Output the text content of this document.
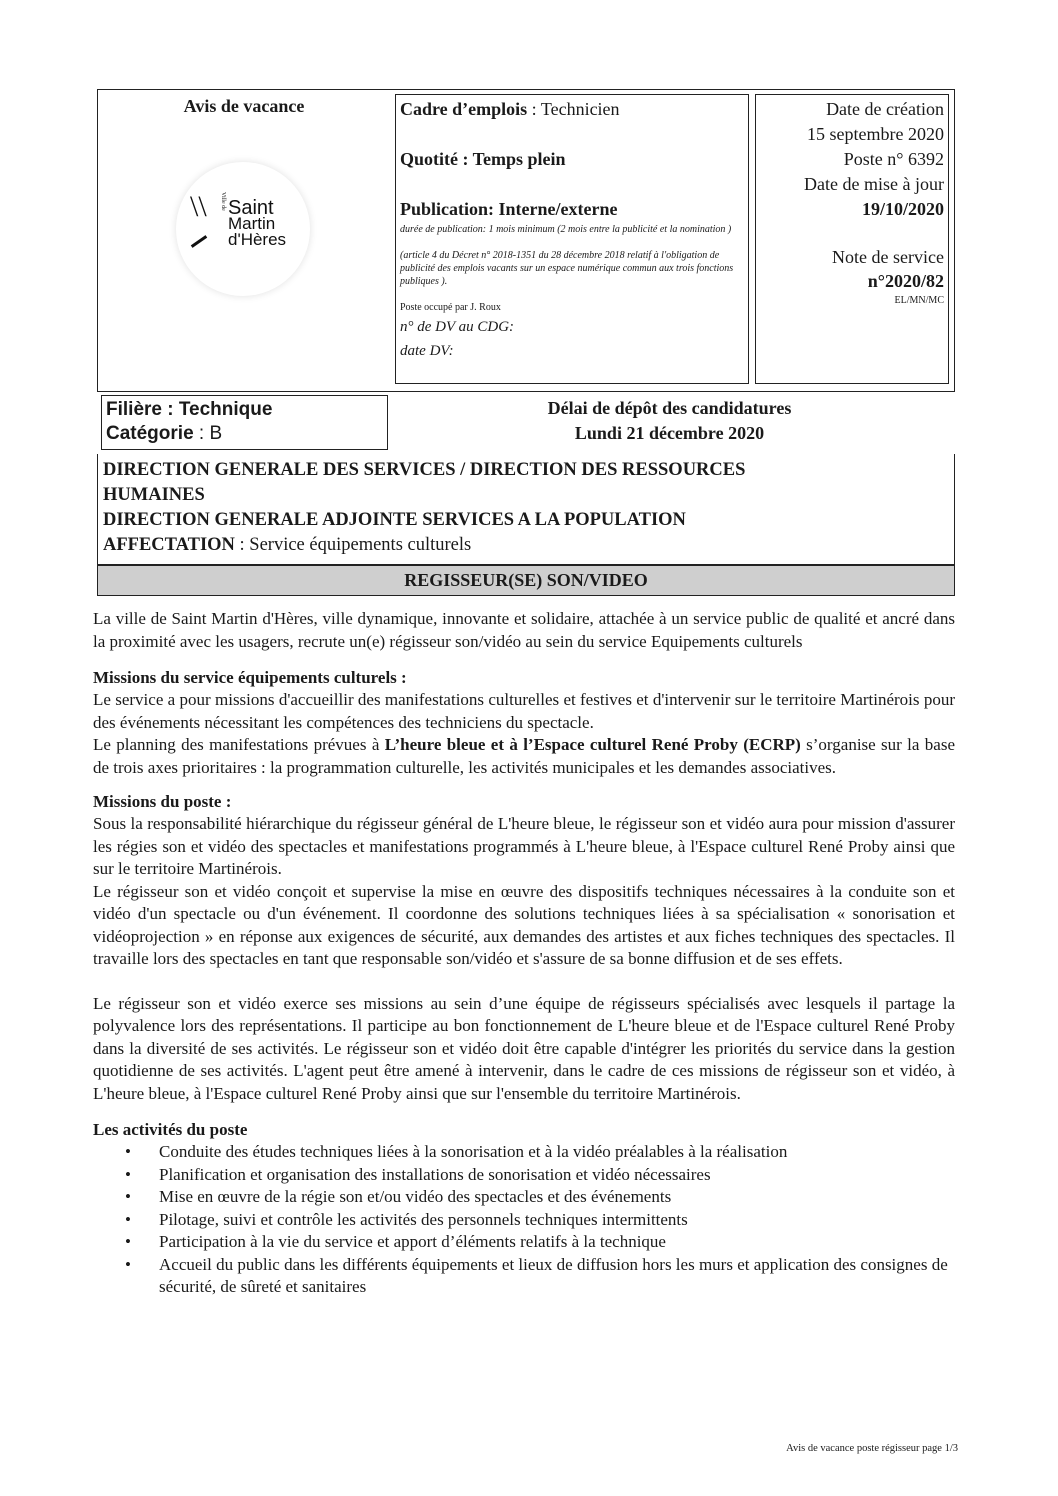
Avis de vacance
\\ Ville de Saint
Martin
d'Hères
Cadre d’emplois : Technicien
Quotité : Temps plein
Publication: Interne/externe
durée de publication: 1 mois minimum (2 mois entre la publicité et la nomination )
(article 4 du Décret n° 2018-1351 du 28 décembre 2018 relatif à l'obligation de publicité des emplois vacants sur un espace numérique commun aux trois fonctions publiques ).
Poste occupé par J. Roux
n° de DV au CDG:
date DV:
Date de création
15 septembre 2020
Poste n° 6392
Date de mise à jour
19/10/2020
Note de service
n°2020/82
EL/MN/MC
Filière : Technique
Catégorie : B
Délai de dépôt des candidatures
Lundi 21 décembre 2020
DIRECTION GENERALE DES SERVICES / DIRECTION DES RESSOURCES
HUMAINES
DIRECTION GENERALE ADJOINTE SERVICES A LA POPULATION
AFFECTATION : Service équipements culturels
REGISSEUR(SE) SON/VIDEO

La ville de Saint Martin d'Hères, ville dynamique, innovante et solidaire, attachée à un service public de qualité et ancré dans la proximité avec les usagers, recrute un(e) régisseur son/vidéo au sein du service Equipements culturels

Missions du service équipements culturels :

Le service a pour missions d'accueillir des manifestations culturelles et festives et d'intervenir sur le territoire Martinérois pour des événements nécessitant les compétences des techniciens du spectacle.

Le planning des manifestations prévues à L’heure bleue et à l’Espace culturel René Proby (ECRP) s’organise sur la base de trois axes prioritaires : la programmation culturelle, les activités municipales et les demandes associatives.

Missions du poste :

Sous la responsabilité hiérarchique du régisseur général de L'heure bleue, le régisseur son et vidéo aura pour mission d'assurer les régies son et vidéo des spectacles et manifestations programmés à L'heure bleue, à l'Espace culturel René Proby ainsi que sur le territoire Martinérois.

Le régisseur son et vidéo conçoit et supervise la mise en œuvre des dispositifs techniques nécessaires à la conduite son et vidéo d'un spectacle ou d'un événement. Il coordonne des solutions techniques liées à sa spécialisation « sonorisation et vidéoprojection » en réponse aux exigences de sécurité, aux demandes des artistes et aux fiches techniques des spectacles. Il travaille lors des spectacles en tant que responsable son/vidéo et s'assure de sa bonne diffusion et de ses effets.

Le régisseur son et vidéo exerce ses missions au sein d’une équipe de régisseurs spécialisés avec lesquels il partage la polyvalence lors des représentations. Il participe au bon fonctionnement de L'heure bleue et de l'Espace culturel René Proby dans la diversité de ses activités. Le régisseur son et vidéo doit être capable d'intégrer les priorités du service dans la gestion quotidienne de ses activités. L'agent peut être amené à intervenir, dans le cadre de ces missions de régisseur son et vidéo, à L'heure bleue, à l'Espace culturel René Proby ainsi que sur l'ensemble du territoire Martinérois.

Les activités du poste

• Conduite des études techniques liées à la sonorisation et à la vidéo préalables à la réalisation
• Planification et organisation des installations de sonorisation et vidéo nécessaires
• Mise en œuvre de la régie son et/ou vidéo des spectacles et des événements
• Pilotage, suivi et contrôle les activités des personnels techniques intermittents
• Participation à la vie du service et apport d’éléments relatifs à la technique
• Accueil du public dans les différents équipements et lieux de diffusion hors les murs et application des consignes de sécurité, de sûreté et sanitaires
Avis de vacance poste régisseur page 1/3
